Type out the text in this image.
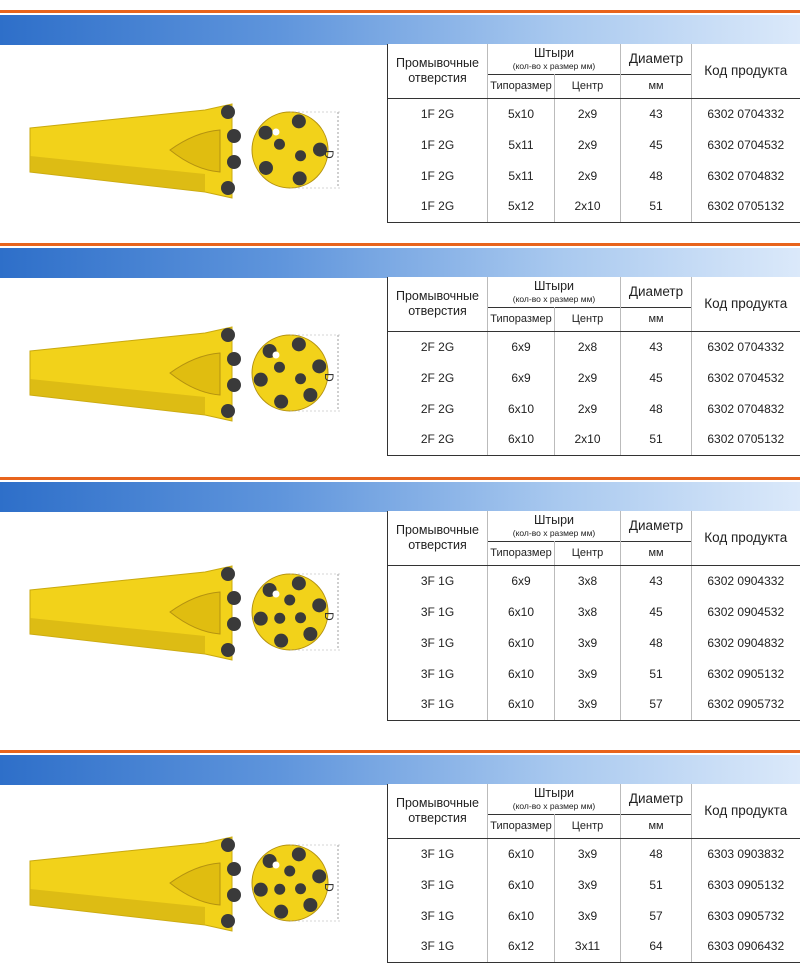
D
Промывочные отверстия	Штыри
(кол-во х размер мм)		Диаметр	Код продукта
	Типоразмер	Центр	мм	
1F 2G	5x10	2x9	43	6302 0704332
1F 2G	5x11	2x9	45	6302 0704532
1F 2G	5x11	2x9	48	6302 0704832
1F 2G	5x12	2x10	51	6302 0705132
D
Промывочные отверстия	Штыри
(кол-во х размер мм)		Диаметр	Код продукта
	Типоразмер	Центр	мм	
2F 2G	6x9	2x8	43	6302 0704332
2F 2G	6x9	2x9	45	6302 0704532
2F 2G	6x10	2x9	48	6302 0704832
2F 2G	6x10	2x10	51	6302 0705132
D
Промывочные отверстия	Штыри
(кол-во х размер мм)		Диаметр	Код продукта
	Типоразмер	Центр	мм	
3F 1G	6x9	3x8	43	6302 0904332
3F 1G	6x10	3x8	45	6302 0904532
3F 1G	6x10	3x9	48	6302 0904832
3F 1G	6x10	3x9	51	6302 0905132
3F 1G	6x10	3x9	57	6302 0905732
D
Промывочные отверстия	Штыри
(кол-во х размер мм)		Диаметр	Код продукта
	Типоразмер	Центр	мм	
3F 1G	6x10	3x9	48	6303 0903832
3F 1G	6x10	3x9	51	6303 0905132
3F 1G	6x10	3x9	57	6303 0905732
3F 1G	6x12	3x11	64	6303 0906432
